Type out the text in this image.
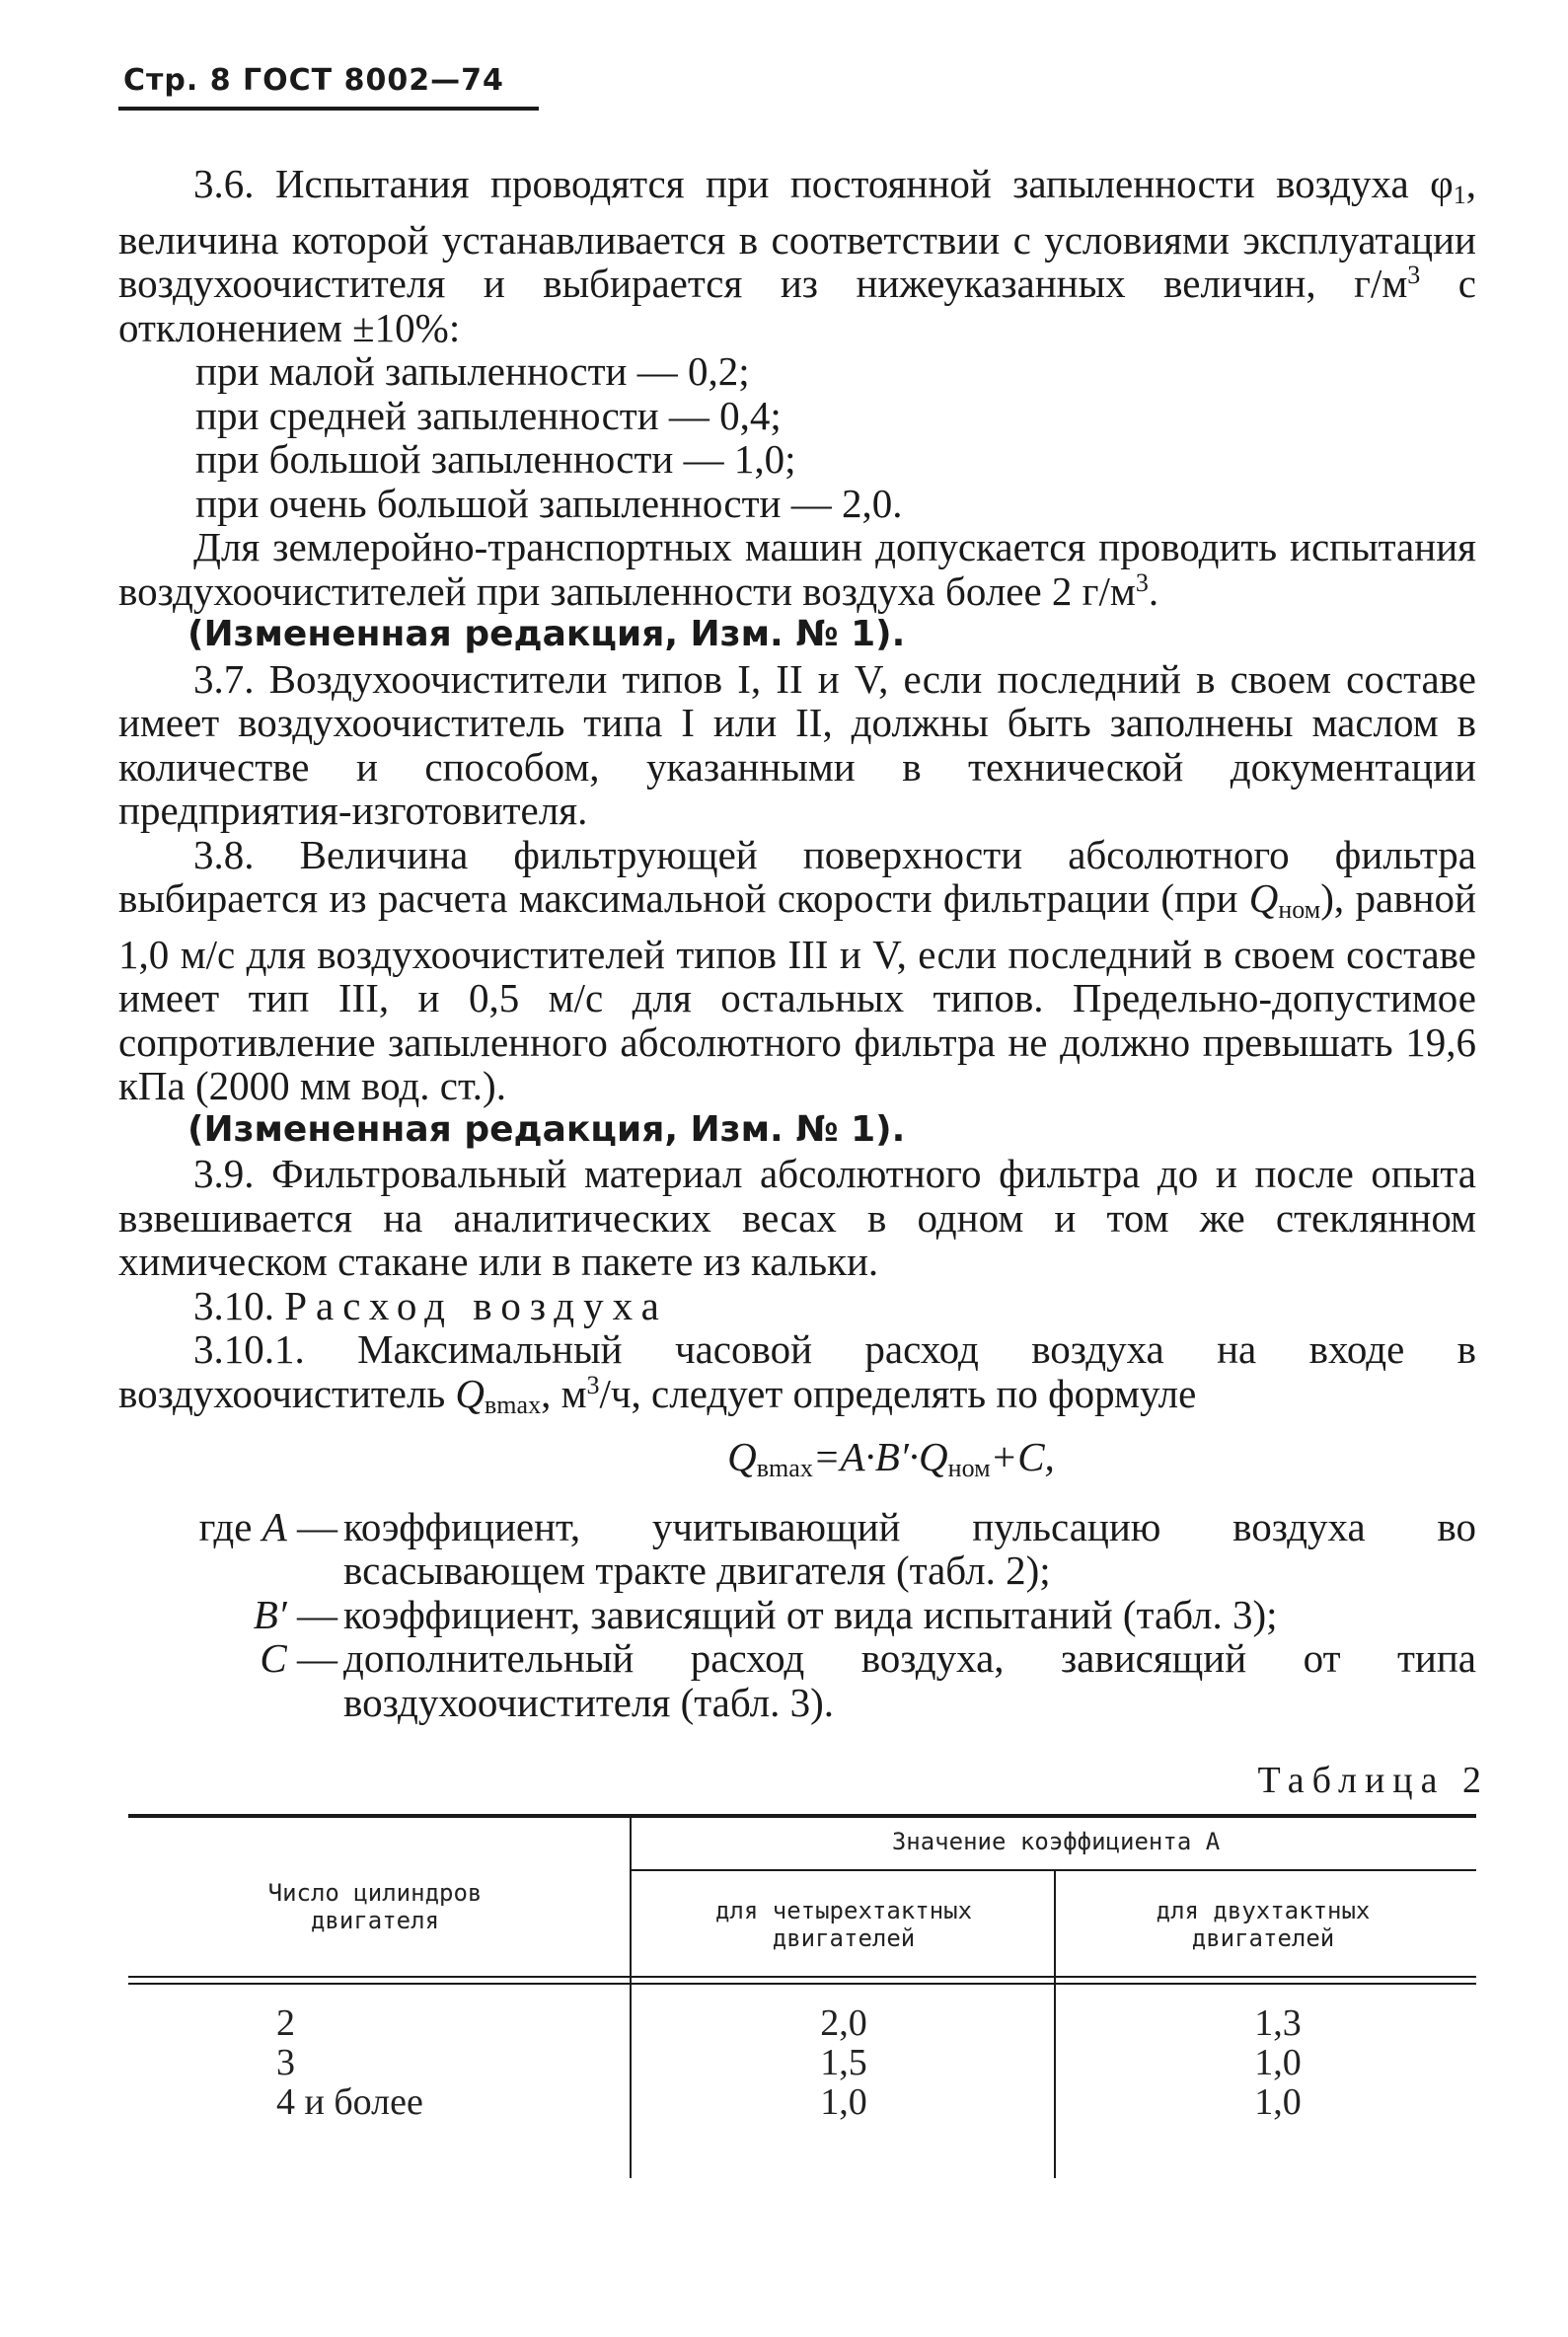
Стр. 8 ГОСТ 8002—74

3.6. Испытания проводятся при постоянной запыленности воздуха $\varphi_1$, величина которой устанавливается в соответствии с условиями эксплуатации воздухоочистителя и выбирается из нижеуказанных величин, $г/м^3$ с отклонением ±10%:

при малой запыленности — 0,2;

при средней запыленности — 0,4;

при большой запыленности — 1,0;

при очень большой запыленности — 2,0.

Для землеройно-транспортных машин допускается проводить испытания воздухоочистителей при запыленности воздуха более 2 $г/м^3$.

(Измененная редакция, Изм. № 1).

3.7. Воздухоочистители типов I, II и V, если последний в своем составе имеет воздухоочиститель типа I или II, должны быть заполнены маслом в количестве и способом, указанными в технической документации предприятия-изготовителя.

3.8. Величина фильтрующей поверхности абсолютного фильтра выбирается из расчета максимальной скорости фильтрации (при $Q_{ном}$), равной 1,0 м/с для воздухоочистителей типов III и V, если последний в своем составе имеет тип III, и 0,5 м/с для остальных типов. Предельно-допустимое сопротивление запыленного абсолютного фильтра не должно превышать 19,6 кПа (2000 мм вод. ст.).

(Измененная редакция, Изм. № 1).

3.9. Фильтровальный материал абсолютного фильтра до и после опыта взвешивается на аналитических весах в одном и том же стеклянном химическом стакане или в пакете из кальки.

3.10. Расход воздуха

3.10.1. Максимальный часовой расход воздуха на входе в воздухоочиститель $Q_{вmax}$, $м^3/ч$, следует определять по формуле

$Q_{вmax}=A\cdot B'\cdot Q_{ном}+C$,

где A — коэффициент, учитывающий пульсацию воздуха во всасывающем тракте двигателя (табл. 2);
B′ — коэффициент, зависящий от вида испытаний (табл. 3);
C — дополнительный расход воздуха, зависящий от типа воздухоочистителя (табл. 3).
Таблица 2
Число цилиндров двигателя
Значение коэффициента A
для четырехтактных двигателей
для двухтактных двигателей
2	2,0	1,3
3	1,5	1,0
4 и более	1,0	1,0
